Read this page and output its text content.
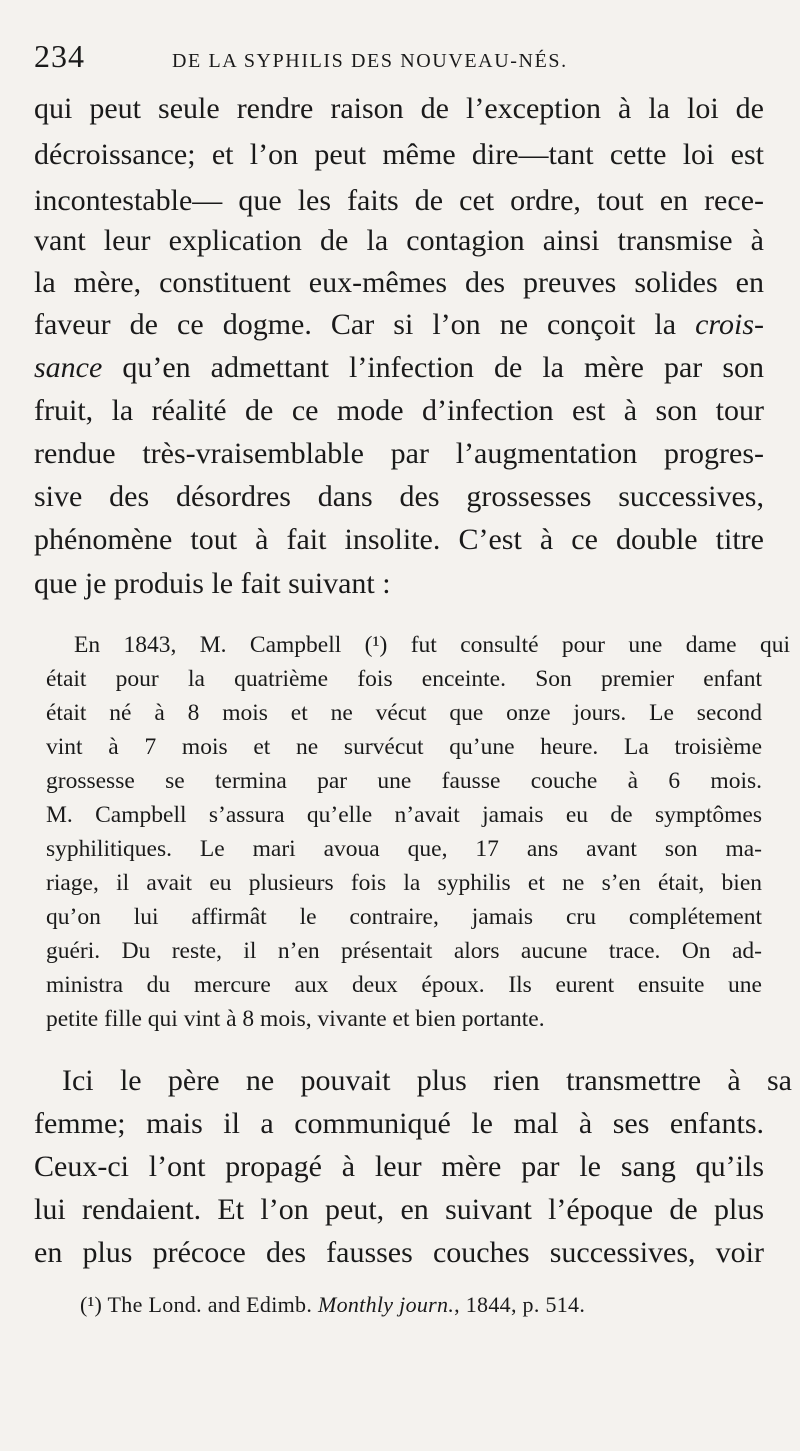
234	DE LA SYPHILIS DES NOUVEAU-NÉS.
qui peut seule rendre raison de l’exception à la loi de
décroissance; et l’on peut même dire—tant cette loi est
incontestable— que les faits de cet ordre, tout en rece-
vant leur explication de la contagion ainsi transmise à
la mère, constituent eux-mêmes des preuves solides en
faveur de ce dogme. Car si l’on ne conçoit la crois-
sance qu’en admettant l’infection de la mère par son
fruit, la réalité de ce mode d’infection est à son tour
rendue très-vraisemblable par l’augmentation progres-
sive des désordres dans des grossesses successives,
phénomène tout à fait insolite. C’est à ce double titre
que je produis le fait suivant :
En 1843, M. Campbell (¹) fut consulté pour une dame qui
était pour la quatrième fois enceinte. Son premier enfant
était né à 8 mois et ne vécut que onze jours. Le second
vint à 7 mois et ne survécut qu’une heure. La troisième
grossesse se termina par une fausse couche à 6 mois.
M. Campbell s’assura qu’elle n’avait jamais eu de symptômes
syphilitiques. Le mari avoua que, 17 ans avant son ma-
riage, il avait eu plusieurs fois la syphilis et ne s’en était, bien
qu’on lui affirmât le contraire, jamais cru complétement
guéri. Du reste, il n’en présentait alors aucune trace. On ad-
ministra du mercure aux deux époux. Ils eurent ensuite une
petite fille qui vint à 8 mois, vivante et bien portante.
Ici le père ne pouvait plus rien transmettre à sa
femme; mais il a communiqué le mal à ses enfants.
Ceux-ci l’ont propagé à leur mère par le sang qu’ils
lui rendaient. Et l’on peut, en suivant l’époque de plus
en plus précoce des fausses couches successives, voir
(¹) The Lond. and Edimb. Monthly journ., 1844, p. 514.
